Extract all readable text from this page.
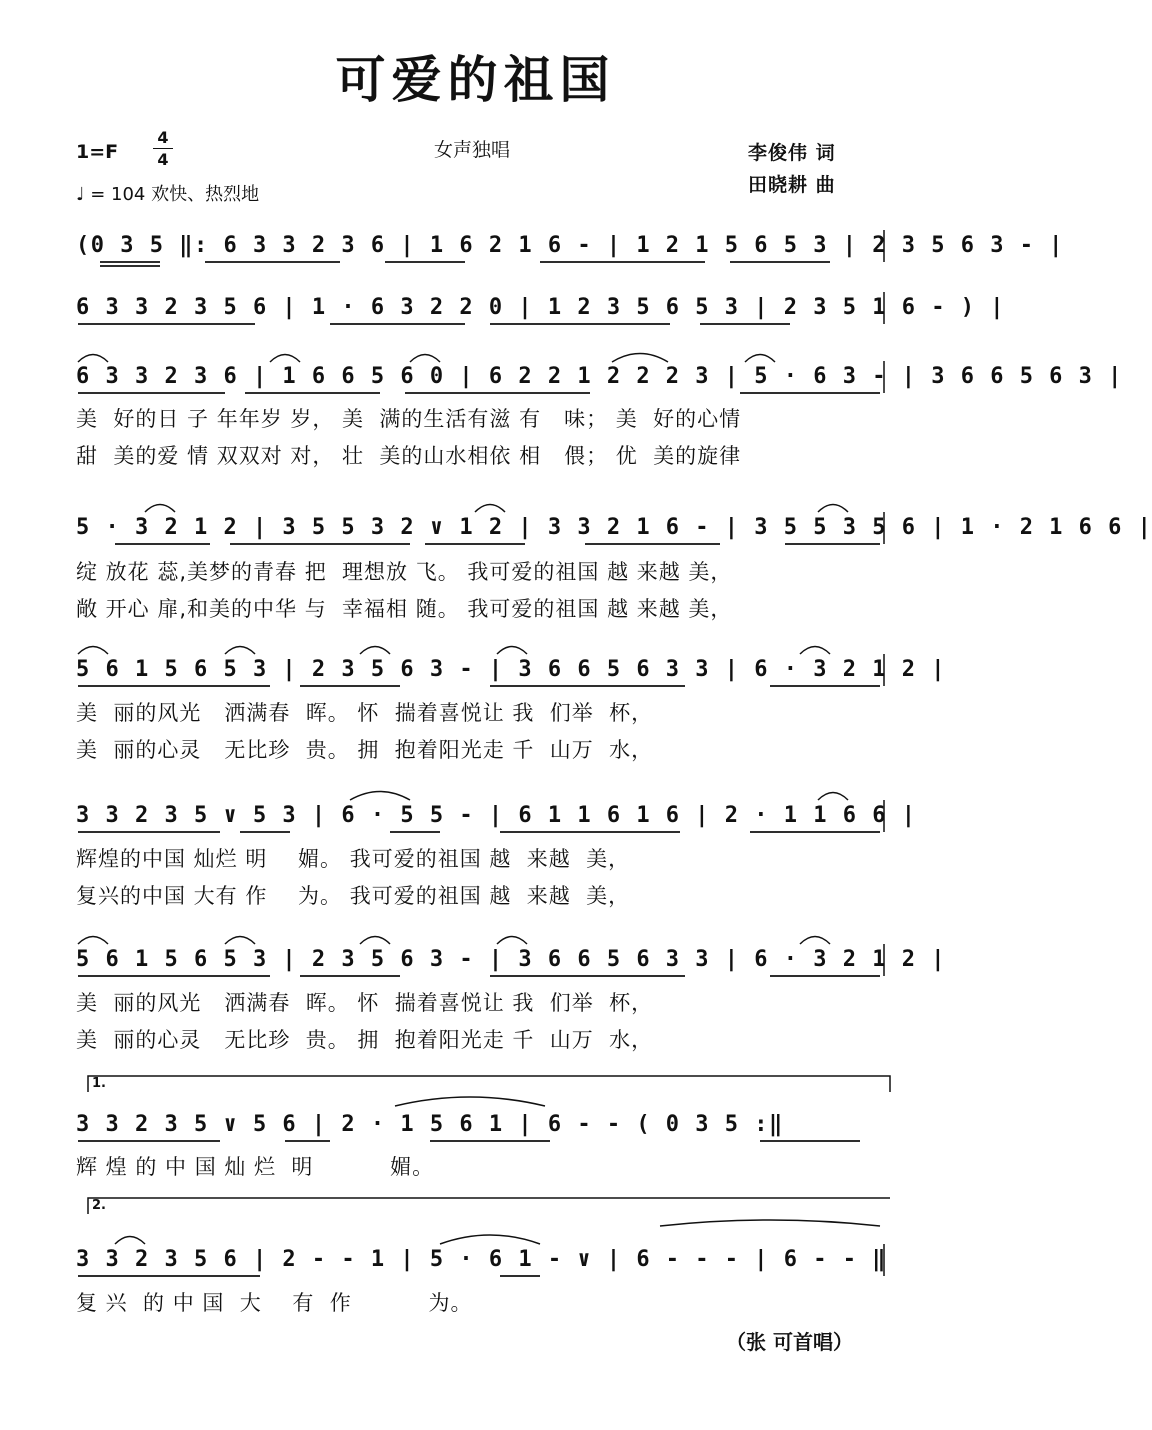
可爱的祖国
$1=F \frac{4}{4}$
♩ = 104 欢快、热烈地
女声独唱	李俊伟 词
田晓耕 曲
(0 3 5 ‖: 6 3 3 2 3 6 | 1 6 2 1 6 - | 1 2 1 5 6 5 3 | 2 3 5 6 3 - |
6 3 3 2 3 5 6 | 1 · 6 3 2 2 0 | 1 2 3 5 6 5 3 | 2 3 5 1 6 - ) |
6 3 3 2 3 6 | 1 6 6 5 6 0 | 6 2 2 1 2 2 2 3 | 5 · 6 3 - | 3 6 6 5 6 3 |
美  好的日 子 年年岁 岁， 美  满的生活有滋 有   味； 美  好的心情
甜  美的爱 情 双双对 对， 壮  美的山水相依 相   偎； 优  美的旋律
5 · 3 2 1 2 | 3 5 5 3 2 ∨ 1 2 | 3 3 2 1 6 - | 3 5 5 3 5 6 | 1 · 2 1 6 6 |
绽 放花 蕊,美梦的青春 把  理想放 飞。 我可爱的祖国 越 来越 美，
敞 开心 扉,和美的中华 与  幸福相 随。 我可爱的祖国 越 来越 美，
5 6 1 5 6 5 3 | 2 3 5 6 3 - | 3 6 6 5 6 3 3 | 6 · 3 2 1 2 |
美  丽的风光   洒满春  晖。 怀  揣着喜悦让 我  们举  杯，
美  丽的心灵   无比珍  贵。 拥  抱着阳光走 千  山万  水，
3 3 2 3 5 ∨ 5 3 | 6 · 5 5 - | 6 1 1 6 1 6 | 2 · 1 1 6 6 |
辉煌的中国 灿烂 明    媚。 我可爱的祖国 越  来越  美，
复兴的中国 大有 作    为。 我可爱的祖国 越  来越  美，
5 6 1 5 6 5 3 | 2 3 5 6 3 - | 3 6 6 5 6 3 3 | 6 · 3 2 1 2 |
美  丽的风光   洒满春  晖。 怀  揣着喜悦让 我  们举  杯，
美  丽的心灵   无比珍  贵。 拥  抱着阳光走 千  山万  水，
1.
3 3 2 3 5 ∨ 5 6 | 2 · 1 5 6 1 | 6 - - ( 0 3 5 :‖
辉 煌 的 中 国 灿 烂  明          媚。
2.
3 3 2 3 5 6 | 2 - - 1 | 5 · 6 1 - ∨ | 6 - - - | 6 - - ‖
复 兴  的 中 国  大    有  作          为。
（张 可首唱）
